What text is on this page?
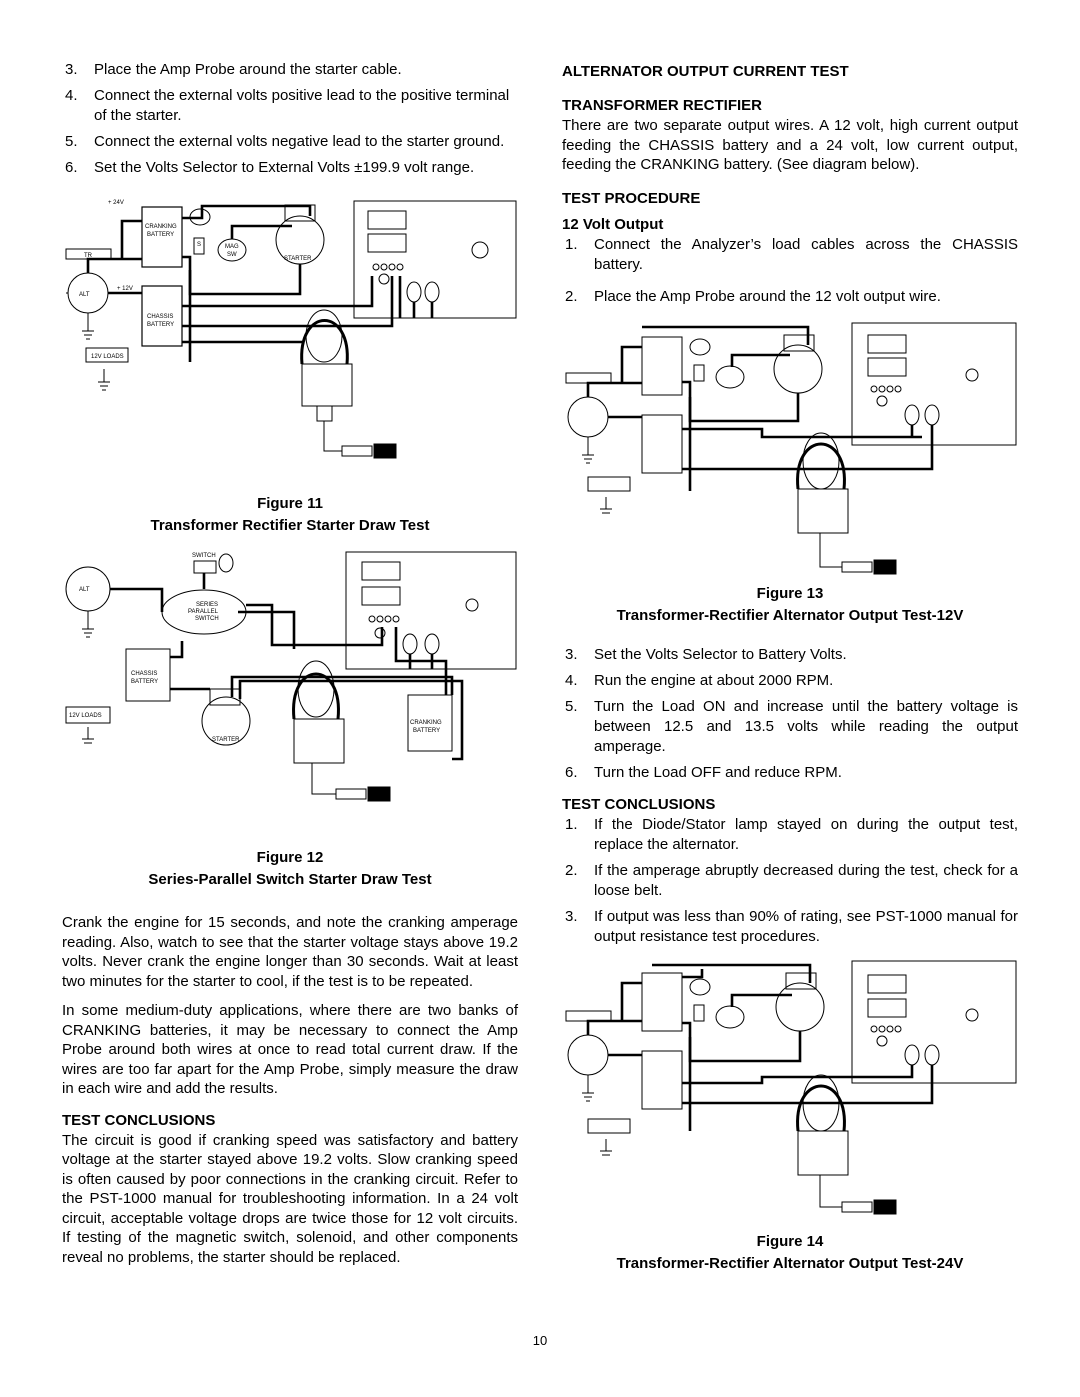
3. Place the Amp Probe around the starter cable.
4. Connect the external volts positive lead to the positive terminal of the starter.
5. Connect the external volts negative lead to the starter ground.
6. Set the Volts Selector to External Volts ±199.9 volt range.
+ 24V
CRANKING
BATTERY
TR
ALT
+ 12V
CHASSIS
BATTERY
12V LOADS
MAG
SW
S
STARTER
Figure 11
Transformer Rectifier Starter Draw Test
SWITCH
ALT
SERIES
PARALLEL
SWITCH
CHASSIS
BATTERY
12V LOADS
STARTER
CRANKING
BATTERY
Figure 12
Series-Parallel Switch Starter Draw Test

Crank the engine for 15 seconds, and note the cranking amperage reading. Also, watch to see that the starter voltage stays above 19.2 volts. Never crank the engine longer than 30 seconds. Wait at least two minutes for the starter to cool, if the test is to be repeated.

In some medium-duty applications, where there are two banks of CRANKING batteries, it may be necessary to connect the Amp Probe around both wires at once to read total current draw. If the wires are too far apart for the Amp Probe, simply measure the draw in each wire and add the results.

TEST CONCLUSIONS

The circuit is good if cranking speed was satisfactory and battery voltage at the starter stayed above 19.2 volts. Slow cranking speed is often caused by poor connections in the cranking circuit. Refer to the PST-1000 manual for troubleshooting information. In a 24 volt circuit, acceptable voltage drops are twice those for 12 volt circuits. If testing of the magnetic switch, solenoid, and other components reveal no problems, the starter should be replaced.

ALTERNATOR OUTPUT CURRENT TEST

TRANSFORMER RECTIFIER

There are two separate output wires. A 12 volt, high current output feeding the CHASSIS battery and a 24 volt, low current output, feeding the CRANKING battery. (See diagram below).

TEST PROCEDURE

12 Volt Output

1. Connect the Analyzer’s load cables across the CHASSIS battery.
2. Place the Amp Probe around the 12 volt output wire.
Figure 13
Transformer-Rectifier Alternator Output Test-12V
3. Set the Volts Selector to Battery Volts.
4. Run the engine at about 2000 RPM.
5. Turn the Load ON and increase until the battery voltage is between 12.5 and 13.5 volts while reading the output amperage.
6. Turn the Load OFF and reduce RPM.

TEST CONCLUSIONS

1. If the Diode/Stator lamp stayed on during the output test, replace the alternator.
2. If the amperage abruptly decreased during the test, check for a loose belt.
3. If output was less than 90% of rating, see PST-1000 manual for output resistance test procedures.
Figure 14
Transformer-Rectifier Alternator Output Test-24V
10
